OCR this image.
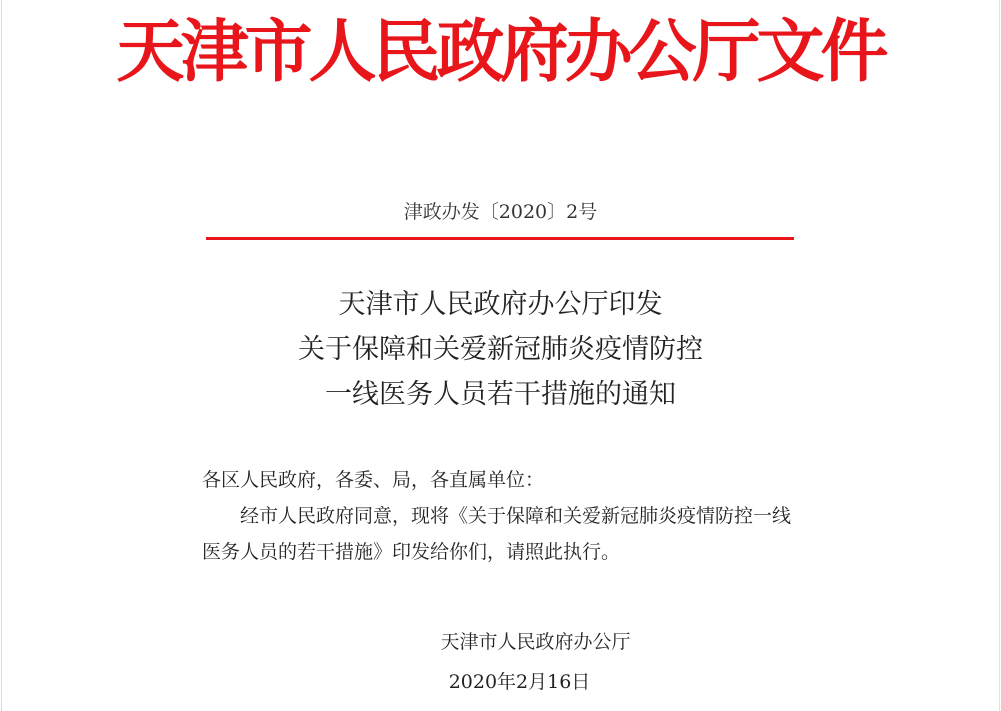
天津市人民政府办公厅文件
津政办发〔2020〕2号
天津市人民政府办公厅印发
关于保障和关爱新冠肺炎疫情防控
一线医务人员若干措施的通知
各区人民政府，各委、局，各直属单位：
经市人民政府同意，现将《关于保障和关爱新冠肺炎疫情防控一线医务人员的若干措施》印发给你们，请照此执行。
天津市人民政府办公厅
2020年2月16日
